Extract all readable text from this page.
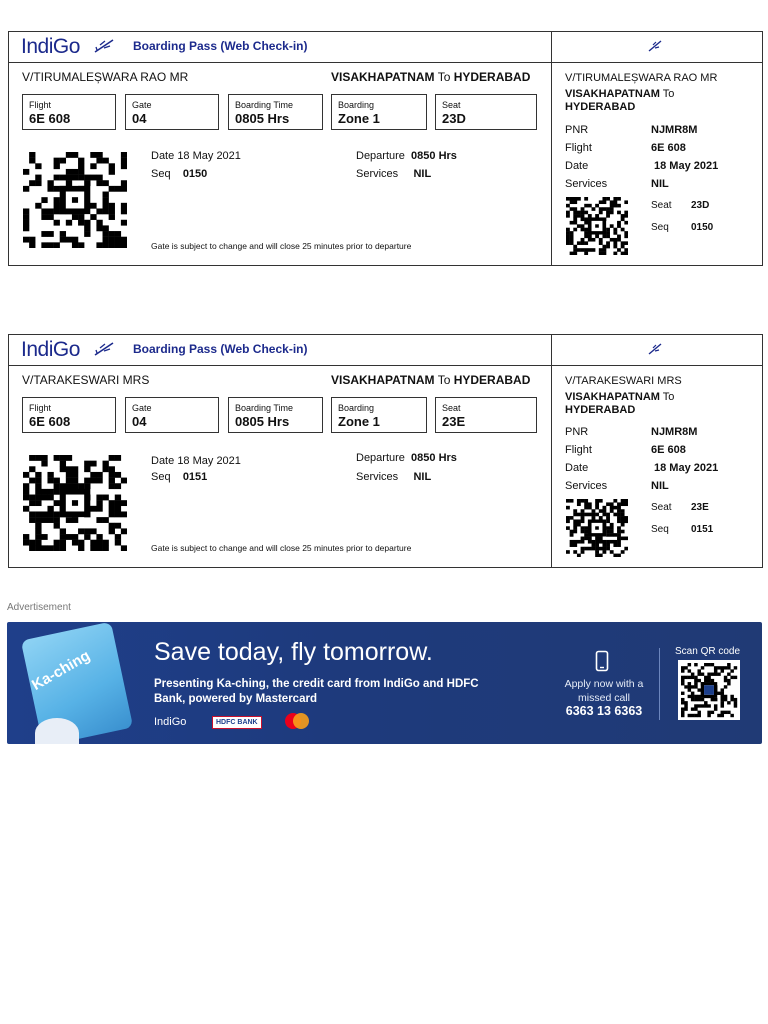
IndiGo	Boarding Pass (Web Check-in)
V/TIRUMALEȘWARA RAO MR	VISAKHAPATNAM To HYDERABAD
Flight
6E 608
Gate
04
Boarding Time
0805 Hrs
Boarding
Zone 1
Seat
23D
Date 18 May 2021
Seq 0150
Departure 0850 Hrs
Services NIL
Gate is subject to change and will close 25 minutes prior to departure
V/TIRUMALEȘWARA RAO MR
VISAKHAPATNAM To HYDERABAD
PNR	NJMR8M
Flight	6E 608
Date	18 May 2021
Services	NIL
Seat 23D
Seq 0150
IndiGo	Boarding Pass (Web Check-in)
V/TARAKESWARI MRS	VISAKHAPATNAM To HYDERABAD
Flight
6E 608
Gate
04
Boarding Time
0805 Hrs
Boarding
Zone 1
Seat
23E
Date 18 May 2021
Seq 0151
Departure 0850 Hrs
Services NIL
Gate is subject to change and will close 25 minutes prior to departure
V/TARAKESWARI MRS
VISAKHAPATNAM To HYDERABAD
PNR	NJMR8M
Flight	6E 608
Date	18 May 2021
Services	NIL
Seat 23E
Seq 0151
Advertisement
Ka-ching Save today, fly tomorrow.
Presenting Ka-ching, the credit card from IndiGo and HDFC Bank, powered by Mastercard
IndiGo	HDFC BANK
Apply now with a missed call
6363 13 6363
Scan QR code
